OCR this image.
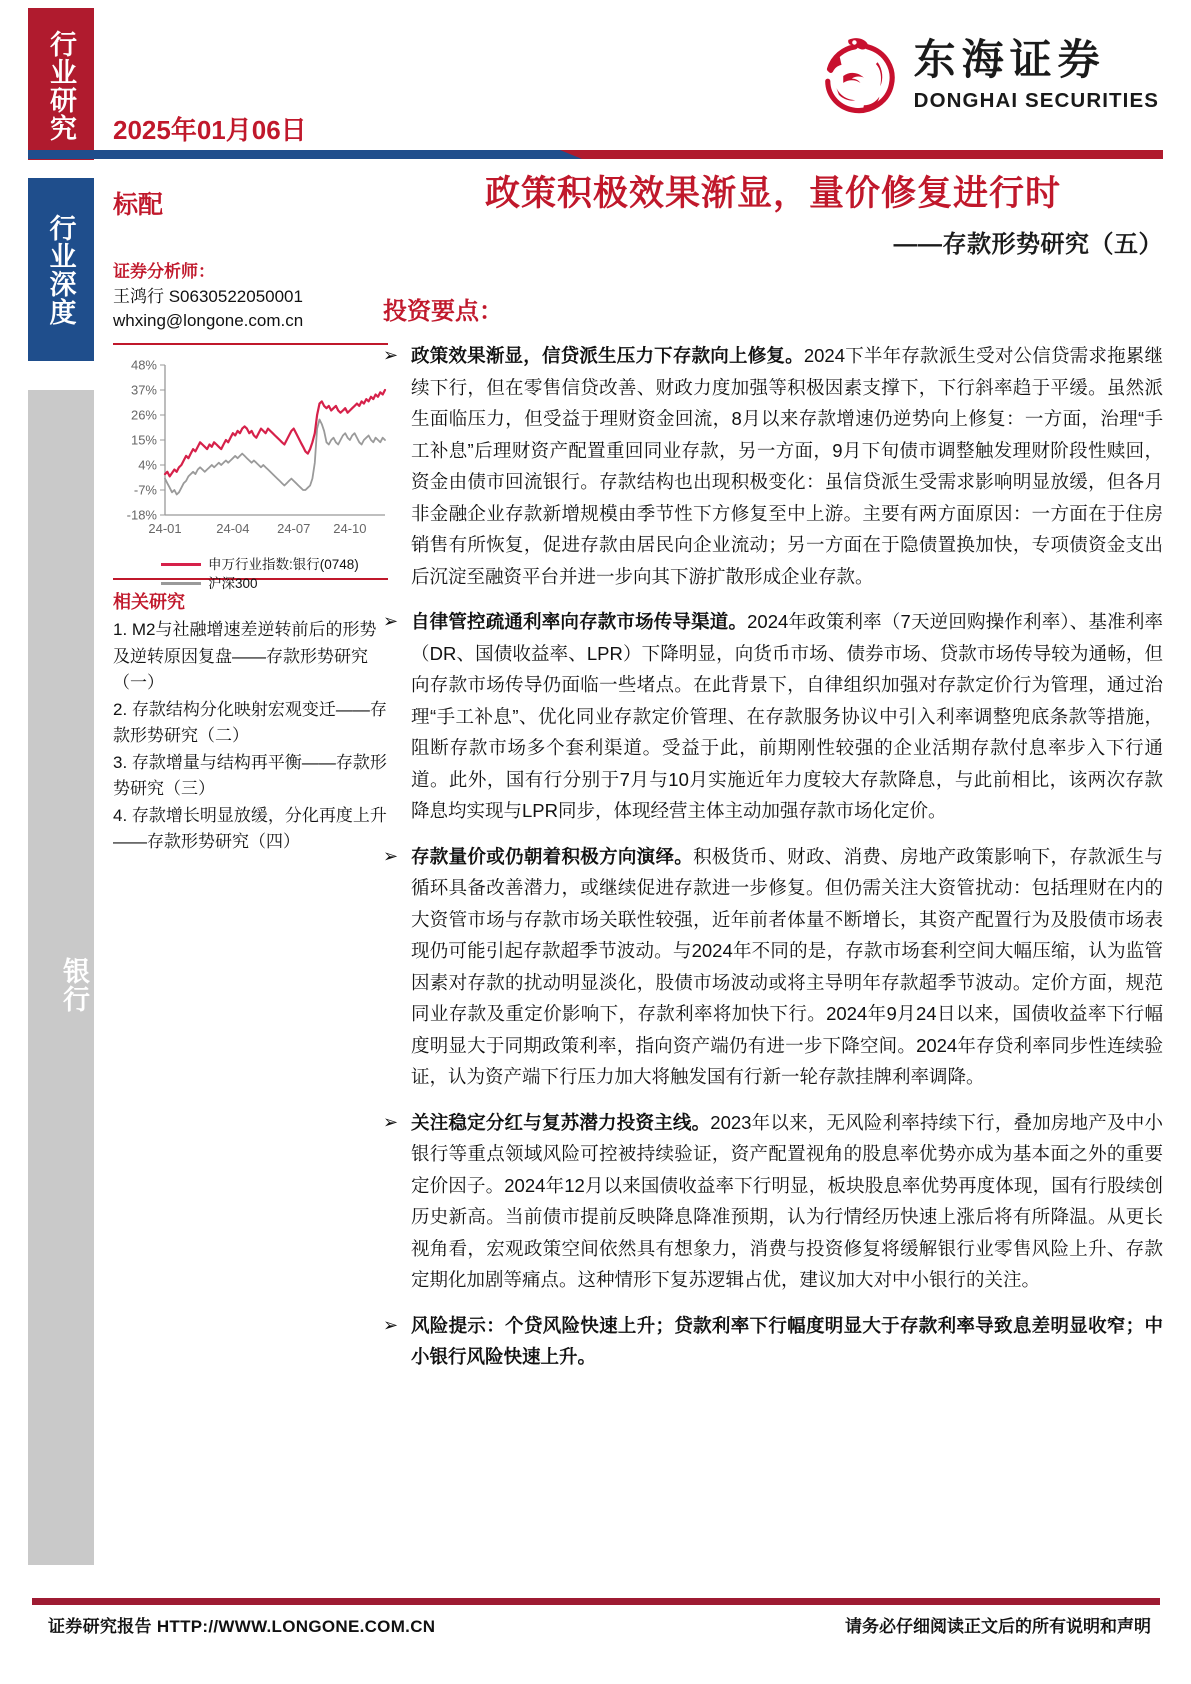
行业研究	2025年01月06日
东海证券
DONGHAI SECURITIES
行业深度
银行
标配
证券分析师：
王鸿行 S0630522050001
whxing@longone.com.cn
-18%
-7%
4%
15%
26%
37%
48%
24-01	24-04 24-07 24-10
申万行业指数:银行(0748)
沪深300
相关研究
1. M2与社融增速差逆转前后的形势及逆转原因复盘——存款形势研究（一）
2. 存款结构分化映射宏观变迁——存款形势研究（二）
3. 存款增量与结构再平衡——存款形势研究（三）
4. 存款增长明显放缓，分化再度上升——存款形势研究（四）
政策积极效果渐显，量价修复进行时
——存款形势研究（五）
投资要点：
➢ 政策效果渐显，信贷派生压力下存款向上修复。2024下半年存款派生受对公信贷需求拖累继续下行，但在零售信贷改善、财政力度加强等积极因素支撑下，下行斜率趋于平缓。虽然派生面临压力，但受益于理财资金回流，8月以来存款增速仍逆势向上修复：一方面，治理“手工补息”后理财资产配置重回同业存款，另一方面，9月下旬债市调整触发理财阶段性赎回，资金由债市回流银行。存款结构也出现积极变化：虽信贷派生受需求影响明显放缓，但各月非金融企业存款新增规模由季节性下方修复至中上游。主要有两方面原因：一方面在于住房销售有所恢复，促进存款由居民向企业流动；另一方面在于隐债置换加快，专项债资金支出后沉淀至融资平台并进一步向其下游扩散形成企业存款。
➢ 自律管控疏通利率向存款市场传导渠道。2024年政策利率（7天逆回购操作利率）、基准利率（DR、国债收益率、LPR）下降明显，向货币市场、债券市场、贷款市场传导较为通畅，但向存款市场传导仍面临一些堵点。在此背景下，自律组织加强对存款定价行为管理，通过治理“手工补息”、优化同业存款定价管理、在存款服务协议中引入利率调整兜底条款等措施，阻断存款市场多个套利渠道。受益于此，前期刚性较强的企业活期存款付息率步入下行通道。此外，国有行分别于7月与10月实施近年力度较大存款降息，与此前相比，该两次存款降息均实现与LPR同步，体现经营主体主动加强存款市场化定价。
➢ 存款量价或仍朝着积极方向演绎。积极货币、财政、消费、房地产政策影响下，存款派生与循环具备改善潜力，或继续促进存款进一步修复。但仍需关注大资管扰动：包括理财在内的大资管市场与存款市场关联性较强，近年前者体量不断增长，其资产配置行为及股债市场表现仍可能引起存款超季节波动。与2024年不同的是，存款市场套利空间大幅压缩，认为监管因素对存款的扰动明显淡化，股债市场波动或将主导明年存款超季节波动。定价方面，规范同业存款及重定价影响下，存款利率将加快下行。2024年9月24日以来，国债收益率下行幅度明显大于同期政策利率，指向资产端仍有进一步下降空间。2024年存贷利率同步性连续验证，认为资产端下行压力加大将触发国有行新一轮存款挂牌利率调降。
➢ 关注稳定分红与复苏潜力投资主线。2023年以来，无风险利率持续下行，叠加房地产及中小银行等重点领域风险可控被持续验证，资产配置视角的股息率优势亦成为基本面之外的重要定价因子。2024年12月以来国债收益率下行明显，板块股息率优势再度体现，国有行股续创历史新高。当前债市提前反映降息降准预期，认为行情经历快速上涨后将有所降温。从更长视角看，宏观政策空间依然具有想象力，消费与投资修复将缓解银行业零售风险上升、存款定期化加剧等痛点。这种情形下复苏逻辑占优，建议加大对中小银行的关注。
➢ 风险提示：个贷风险快速上升；贷款利率下行幅度明显大于存款利率导致息差明显收窄；中小银行风险快速上升。
证券研究报告 HTTP://WWW.LONGONE.COM.CN	请务必仔细阅读正文后的所有说明和声明
